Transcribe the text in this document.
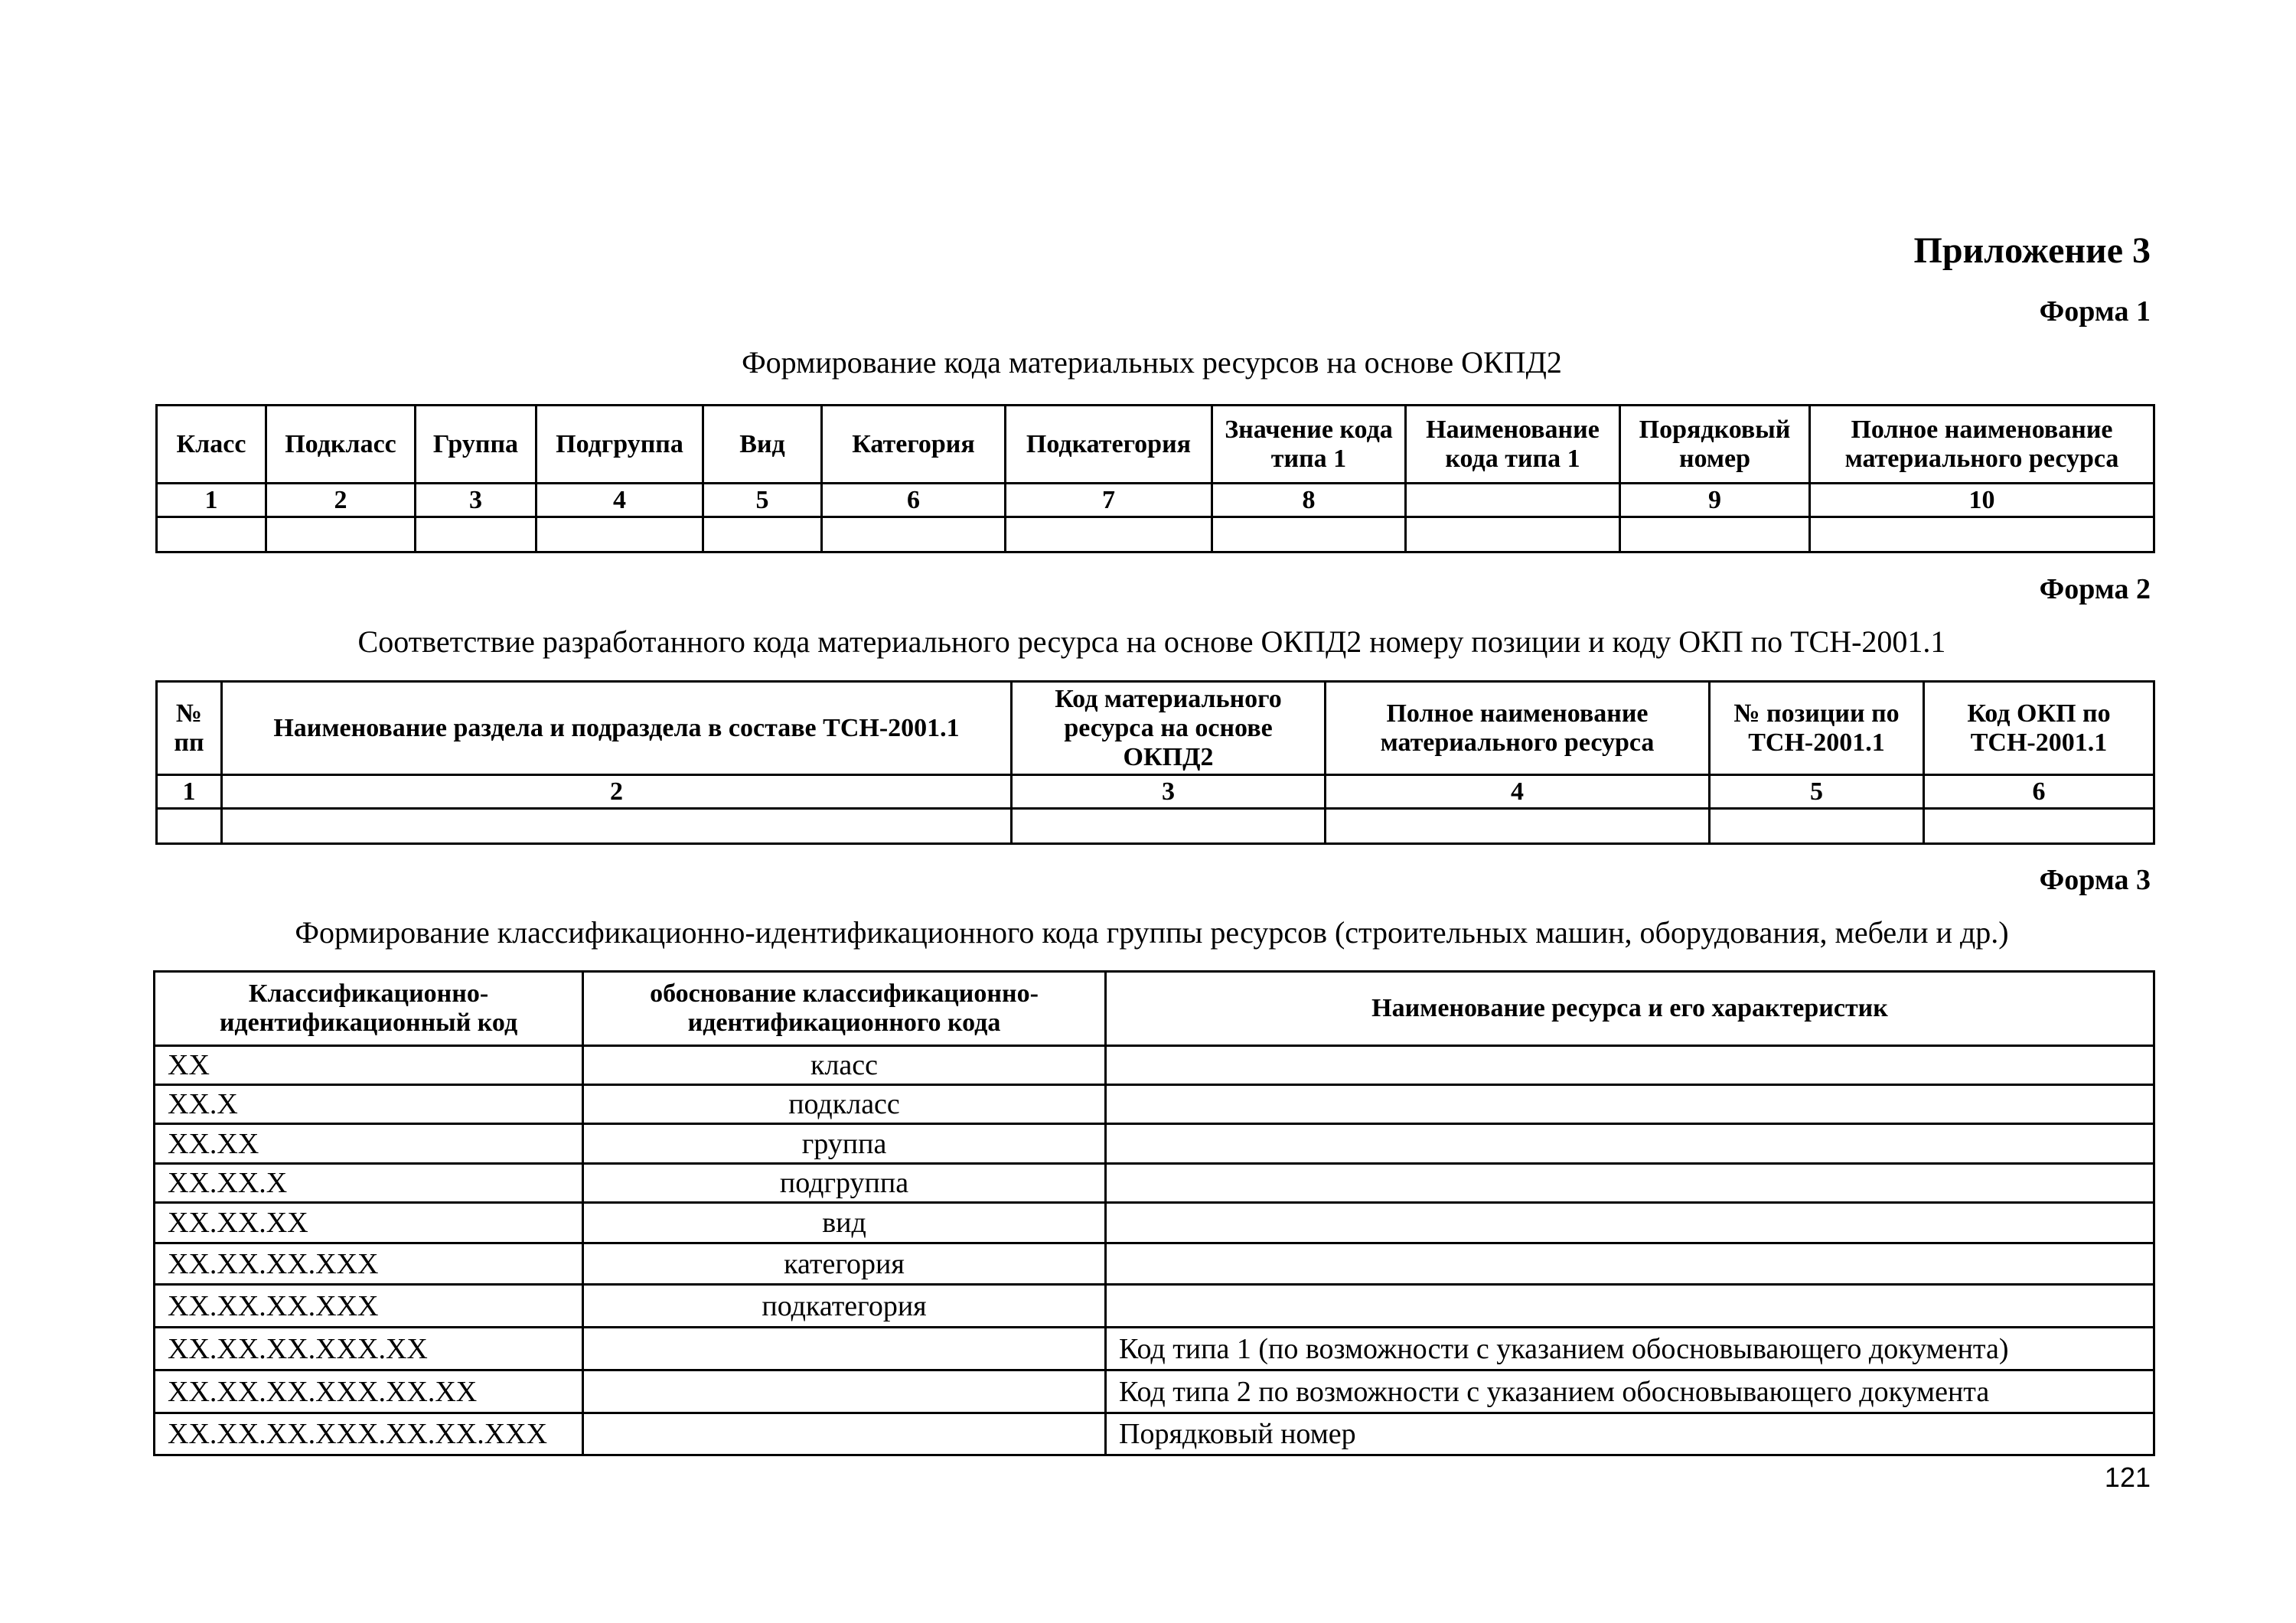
Приложение 3
Форма 1
Формирование кода материальных ресурсов на основе ОКПД2
Класс	Подкласс	Группа	Подгруппа	Вид	Категория	Подкатегория	Значение кода типа 1	Наименование кода типа 1	Порядковый номер	Полное наименование материального ресурса
1	2	3	4	5	6	7	8		9	10

Форма 2
Соответствие разработанного кода материального ресурса на основе ОКПД2 номеру позиции и коду ОКП по ТСН-2001.1
№ пп	Наименование раздела и подраздела в составе ТСН-2001.1	Код материального ресурса на основе ОКПД2	Полное наименование материального ресурса	№ позиции по ТСН-2001.1	Код ОКП по ТСН-2001.1
1	2	3	4	5	6

Форма 3
Формирование классификационно-идентификационного кода группы ресурсов (строительных машин, оборудования, мебели и др.)
Классификационно-идентификационный код	обоснование классификационно-идентификационного кода	Наименование ресурса и его характеристик
ХХ	класс	
ХХ.Х	подкласс	
ХХ.ХХ	группа	
ХХ.ХХ.Х	подгруппа	
ХХ.ХХ.ХХ	вид	
ХХ.ХХ.ХХ.ХХХ	категория	
ХХ.ХХ.ХХ.ХХХ	подкатегория	
ХХ.ХХ.ХХ.ХХХ.ХХ		Код типа 1 (по возможности с указанием обосновывающего документа)
ХХ.ХХ.ХХ.ХХХ.ХХ.ХХ		Код типа 2 по возможности с указанием обосновывающего документа
ХХ.ХХ.ХХ.ХХХ.ХХ.ХХ.ХХХ		Порядковый номер
121
